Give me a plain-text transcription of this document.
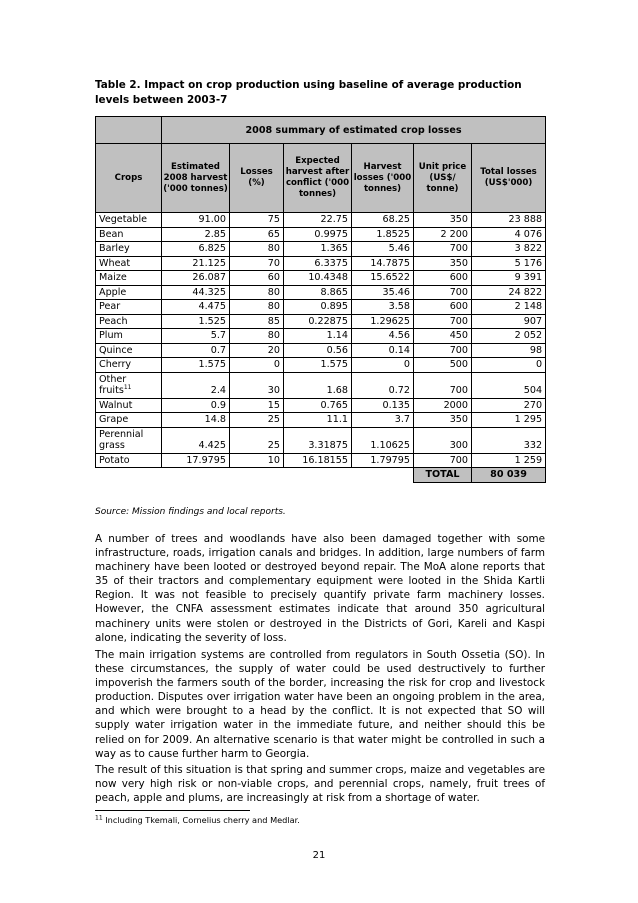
Table 2. Impact on crop production using baseline of average production levels between 2003-7

	2008 summary of estimated crop losses					
Crops	Estimated 2008 harvest ('000 tonnes)	Losses (%)	Expected harvest after conflict ('000 tonnes)	Harvest losses ('000 tonnes)	Unit price (US$/ tonne)	Total losses (US$'000)
Vegetable	91.00	75	22.75	68.25	350	23 888
Bean	2.85	65	0.9975	1.8525	2 200	4 076
Barley	6.825	80	1.365	5.46	700	3 822
Wheat	21.125	70	6.3375	14.7875	350	5 176
Maize	26.087	60	10.4348	15.6522	600	9 391
Apple	44.325	80	8.865	35.46	700	24 822
Pear	4.475	80	0.895	3.58	600	2 148
Peach	1.525	85	0.22875	1.29625	700	907
Plum	5.7	80	1.14	4.56	450	2 052
Quince	0.7	20	0.56	0.14	700	98
Cherry	1.575	0	1.575	0	500	0
Other fruits$^{11}$	2.4	30	1.68	0.72	700	504
Walnut	0.9	15	0.765	0.135	2000	270
Grape	14.8	25	11.1	3.7	350	1 295
Perennial grass	4.425	25	3.31875	1.10625	300	332
Potato	17.9795	10	16.18155	1.79795	700	1 259
					TOTAL	80 039

Source: Mission findings and local reports.

A number of trees and woodlands have also been damaged together with some infrastructure, roads, irrigation canals and bridges. In addition, large numbers of farm machinery have been looted or destroyed beyond repair. The MoA alone reports that 35 of their tractors and complementary equipment were looted in the Shida Kartli Region. It was not feasible to precisely quantify private farm machinery losses. However, the CNFA assessment estimates indicate that around 350 agricultural machinery units were stolen or destroyed in the Districts of Gori, Kareli and Kaspi alone, indicating the severity of loss.

The main irrigation systems are controlled from regulators in South Ossetia (SO). In these circumstances, the supply of water could be used destructively to further impoverish the farmers south of the border, increasing the risk for crop and livestock production. Disputes over irrigation water have been an ongoing problem in the area, and which were brought to a head by the conflict. It is not expected that SO will supply water irrigation water in the immediate future, and neither should this be relied on for 2009. An alternative scenario is that water might be controlled in such a way as to cause further harm to Georgia.

The result of this situation is that spring and summer crops, maize and vegetables are now very high risk or non-viable crops, and perennial crops, namely, fruit trees of peach, apple and plums, are increasingly at risk from a shortage of water.

$^{11}$ Including Tkemali, Cornelius cherry and Medlar.

21
